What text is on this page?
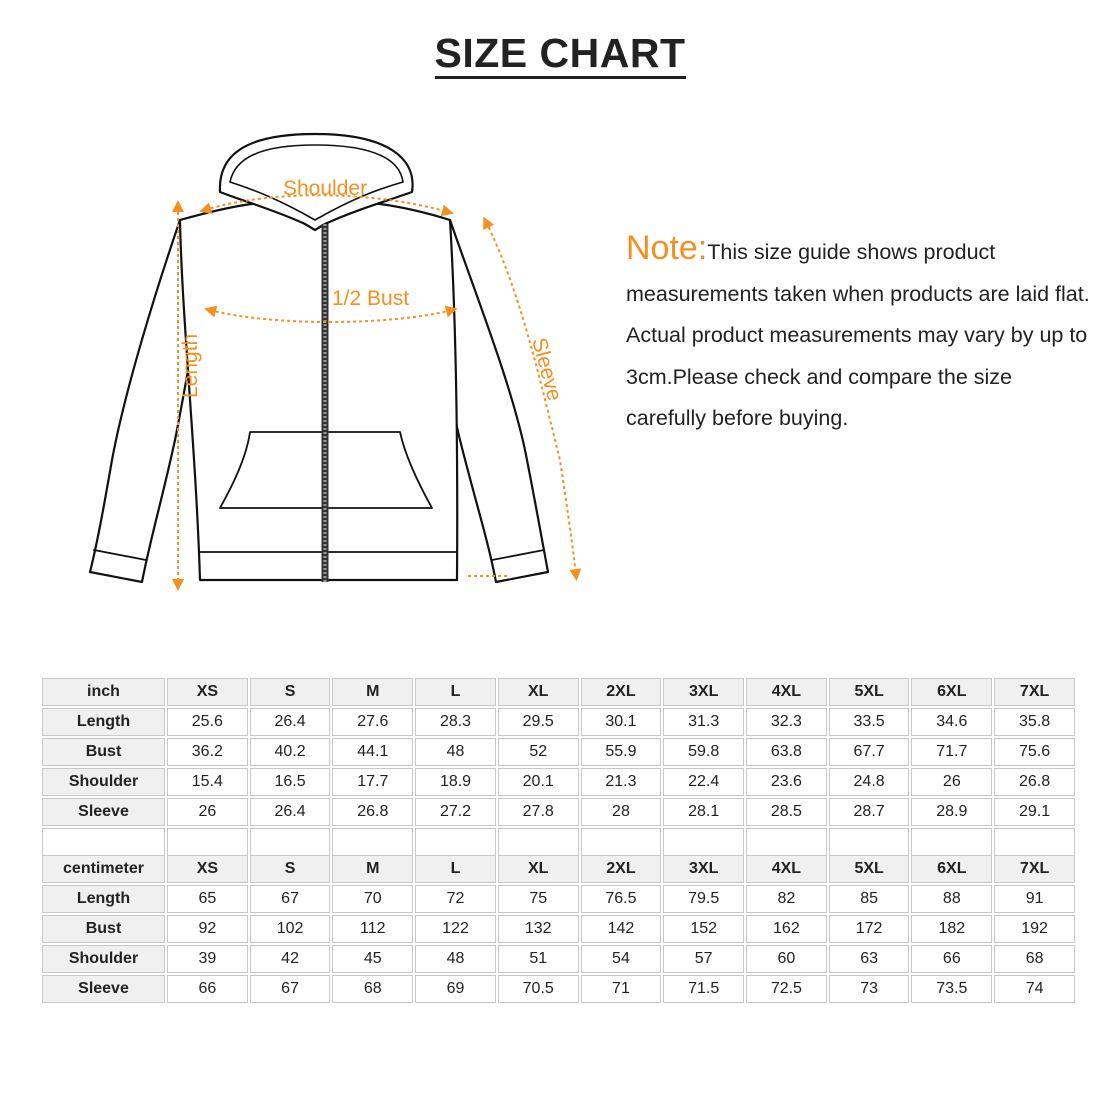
SIZE CHART
Shoulder
1/2 Bust
Length	Sleeve
Note:This size guide shows product measurements taken when products are laid flat. Actual product measurements may vary by up to 3cm.Please check and compare the size carefully before buying.
inch	XS	S	M	L	XL	2XL	3XL	4XL	5XL	6XL	7XL
Length	25.6	26.4	27.6	28.3	29.5	30.1	31.3	32.3	33.5	34.6	35.8
Bust	36.2	40.2	44.1	48	52	55.9	59.8	63.8	67.7	71.7	75.6
Shoulder	15.4	16.5	17.7	18.9	20.1	21.3	22.4	23.6	24.8	26	26.8
Sleeve	26	26.4	26.8	27.2	27.8	28	28.1	28.5	28.7	28.9	29.1

centimeter	XS	S	M	L	XL	2XL	3XL	4XL	5XL	6XL	7XL
Length	65	67	70	72	75	76.5	79.5	82	85	88	91
Bust	92	102	112	122	132	142	152	162	172	182	192
Shoulder	39	42	45	48	51	54	57	60	63	66	68
Sleeve	66	67	68	69	70.5	71	71.5	72.5	73	73.5	74
